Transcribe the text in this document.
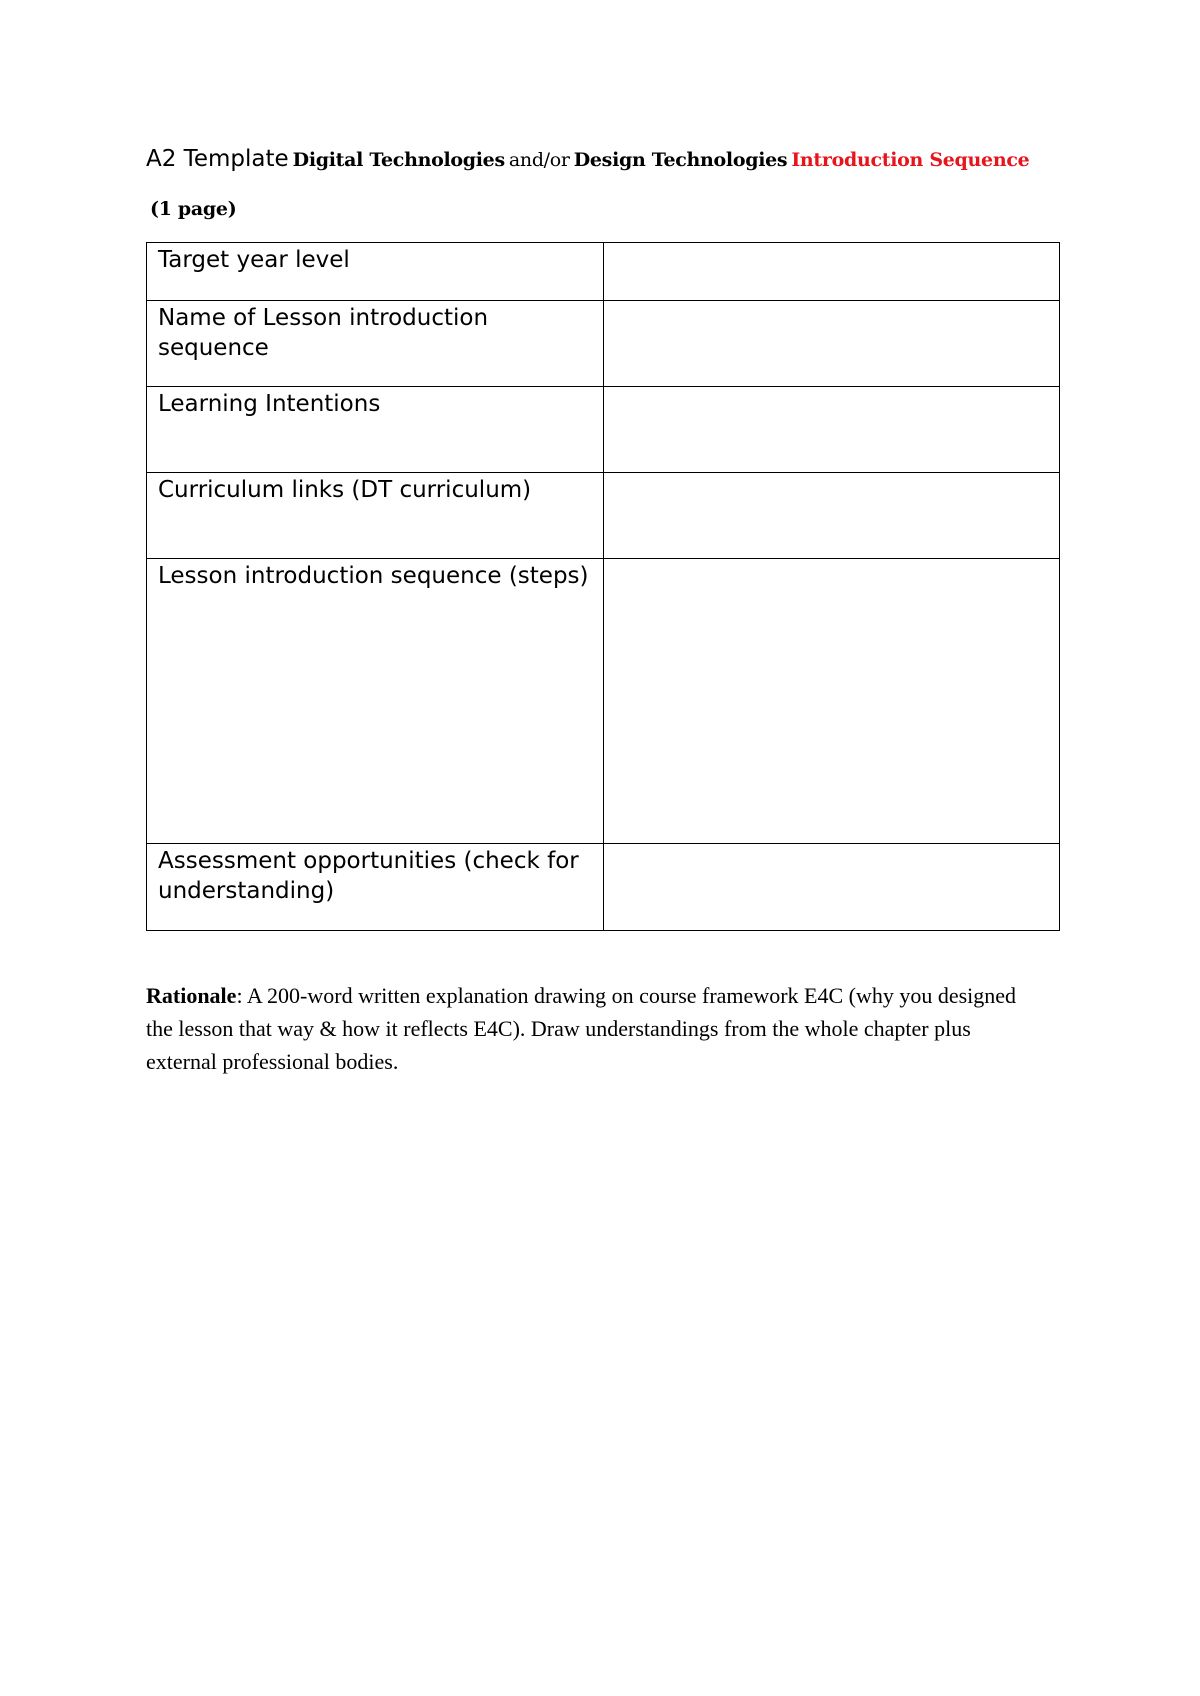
A2 Template Digital Technologies and/or Design Technologies Introduction Sequence
(1 page)
Target year level	
Name of Lesson introduction sequence	
Learning Intentions	
Curriculum links (DT curriculum)	
Lesson introduction sequence (steps)	
Assessment opportunities (check for understanding)	
Rationale: A 200-word written explanation drawing on course framework E4C (why you designed the lesson that way & how it reflects E4C). Draw understandings from the whole chapter plus external professional bodies.
